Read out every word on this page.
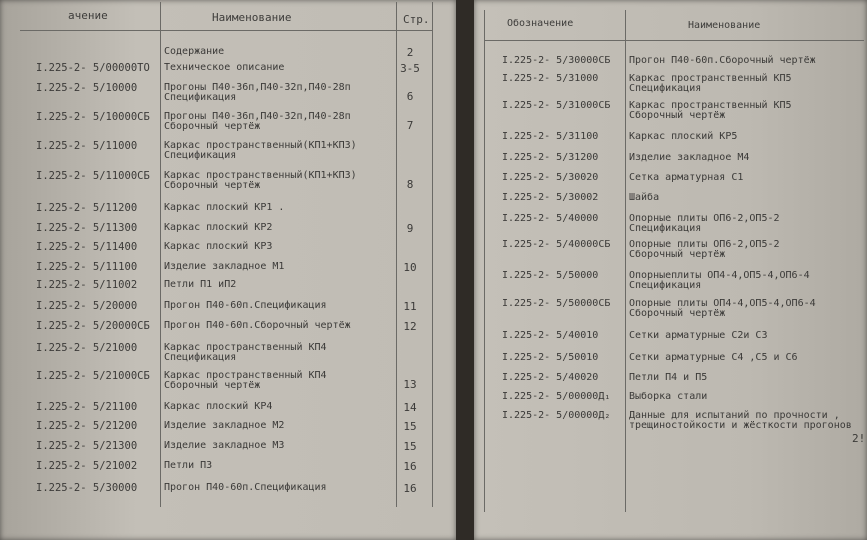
ачение	Наименование	Стр.
Содержание	2
I.225-2- 5/00000ТО Техническое описание	3-5
I.225-2- 5/10000	Прогоны П40-36п,П40-32п,П40-28п
Спецификация	6
I.225-2- 5/10000СБ Прогоны П40-36п,П40-32п,П40-28п
Сборочный чертёж	7
I.225-2- 5/11000	Каркас пространственный(КП1+КП3)
Спецификация
I.225-2- 5/11000СБ Каркас пространственный(КП1+КП3)
Сборочный чертёж	8
I.225-2- 5/11200	Каркас плоский КР1 .
I.225-2- 5/11300	Каркас плоский КР2	9
I.225-2- 5/11400	Каркас плоский КР3
I.225-2- 5/11100	Изделие закладное М1	10
I.225-2- 5/11002	Петли П1 иП2
I.225-2- 5/20000	Прогон П40-60п.Спецификация	11
I.225-2- 5/20000СБ Прогон П40-60п.Сборочный чертёж	12
I.225-2- 5/21000	Каркас пространственный КП4
Спецификация
I.225-2- 5/21000СБ Каркас пространственный КП4
Сборочный чертёж	13
I.225-2- 5/21100	Каркас плоский КР4	14
I.225-2- 5/21200	Изделие закладное М2	15
I.225-2- 5/21300	Изделие закладное М3	15
I.225-2- 5/21002	Петли П3	16
I.225-2- 5/30000	Прогон П40-60п.Спецификация	16
Обозначение	Наименование
I.225-2- 5/30000СБ Прогон П40-60п.Сборочный чертёж
I.225-2- 5/31000	Каркас пространственный КП5
Спецификация
I.225-2- 5/31000СБ Каркас пространственный КП5
Сборочный чертёж
I.225-2- 5/31100	Каркас плоский КР5
I.225-2- 5/31200	Изделие закладное М4
I.225-2- 5/30020	Сетка арматурная С1
I.225-2- 5/30002	Шайба
I.225-2- 5/40000	Опорные плиты ОП6-2,ОП5-2
Спецификация
I.225-2- 5/40000СБ Опорные плиты ОП6-2,ОП5-2
Сборочный чертёж
I.225-2- 5/50000	Опорныеплиты ОП4-4,ОП5-4,ОП6-4
Спецификация
I.225-2- 5/50000СБ Опорные плиты ОП4-4,ОП5-4,ОП6-4
Сборочный чертёж
I.225-2- 5/40010	Сетки арматурные С2и С3
I.225-2- 5/50010	Сетки арматурные С4 ,С5 и С6
I.225-2- 5/40020	Петли П4 и П5
I.225-2- 5/00000Д₁ Выборка стали
I.225-2- 5/00000Д₂ Данные для испытаний по прочности ,
трещиностойкости и жёсткости прогонов
2!
